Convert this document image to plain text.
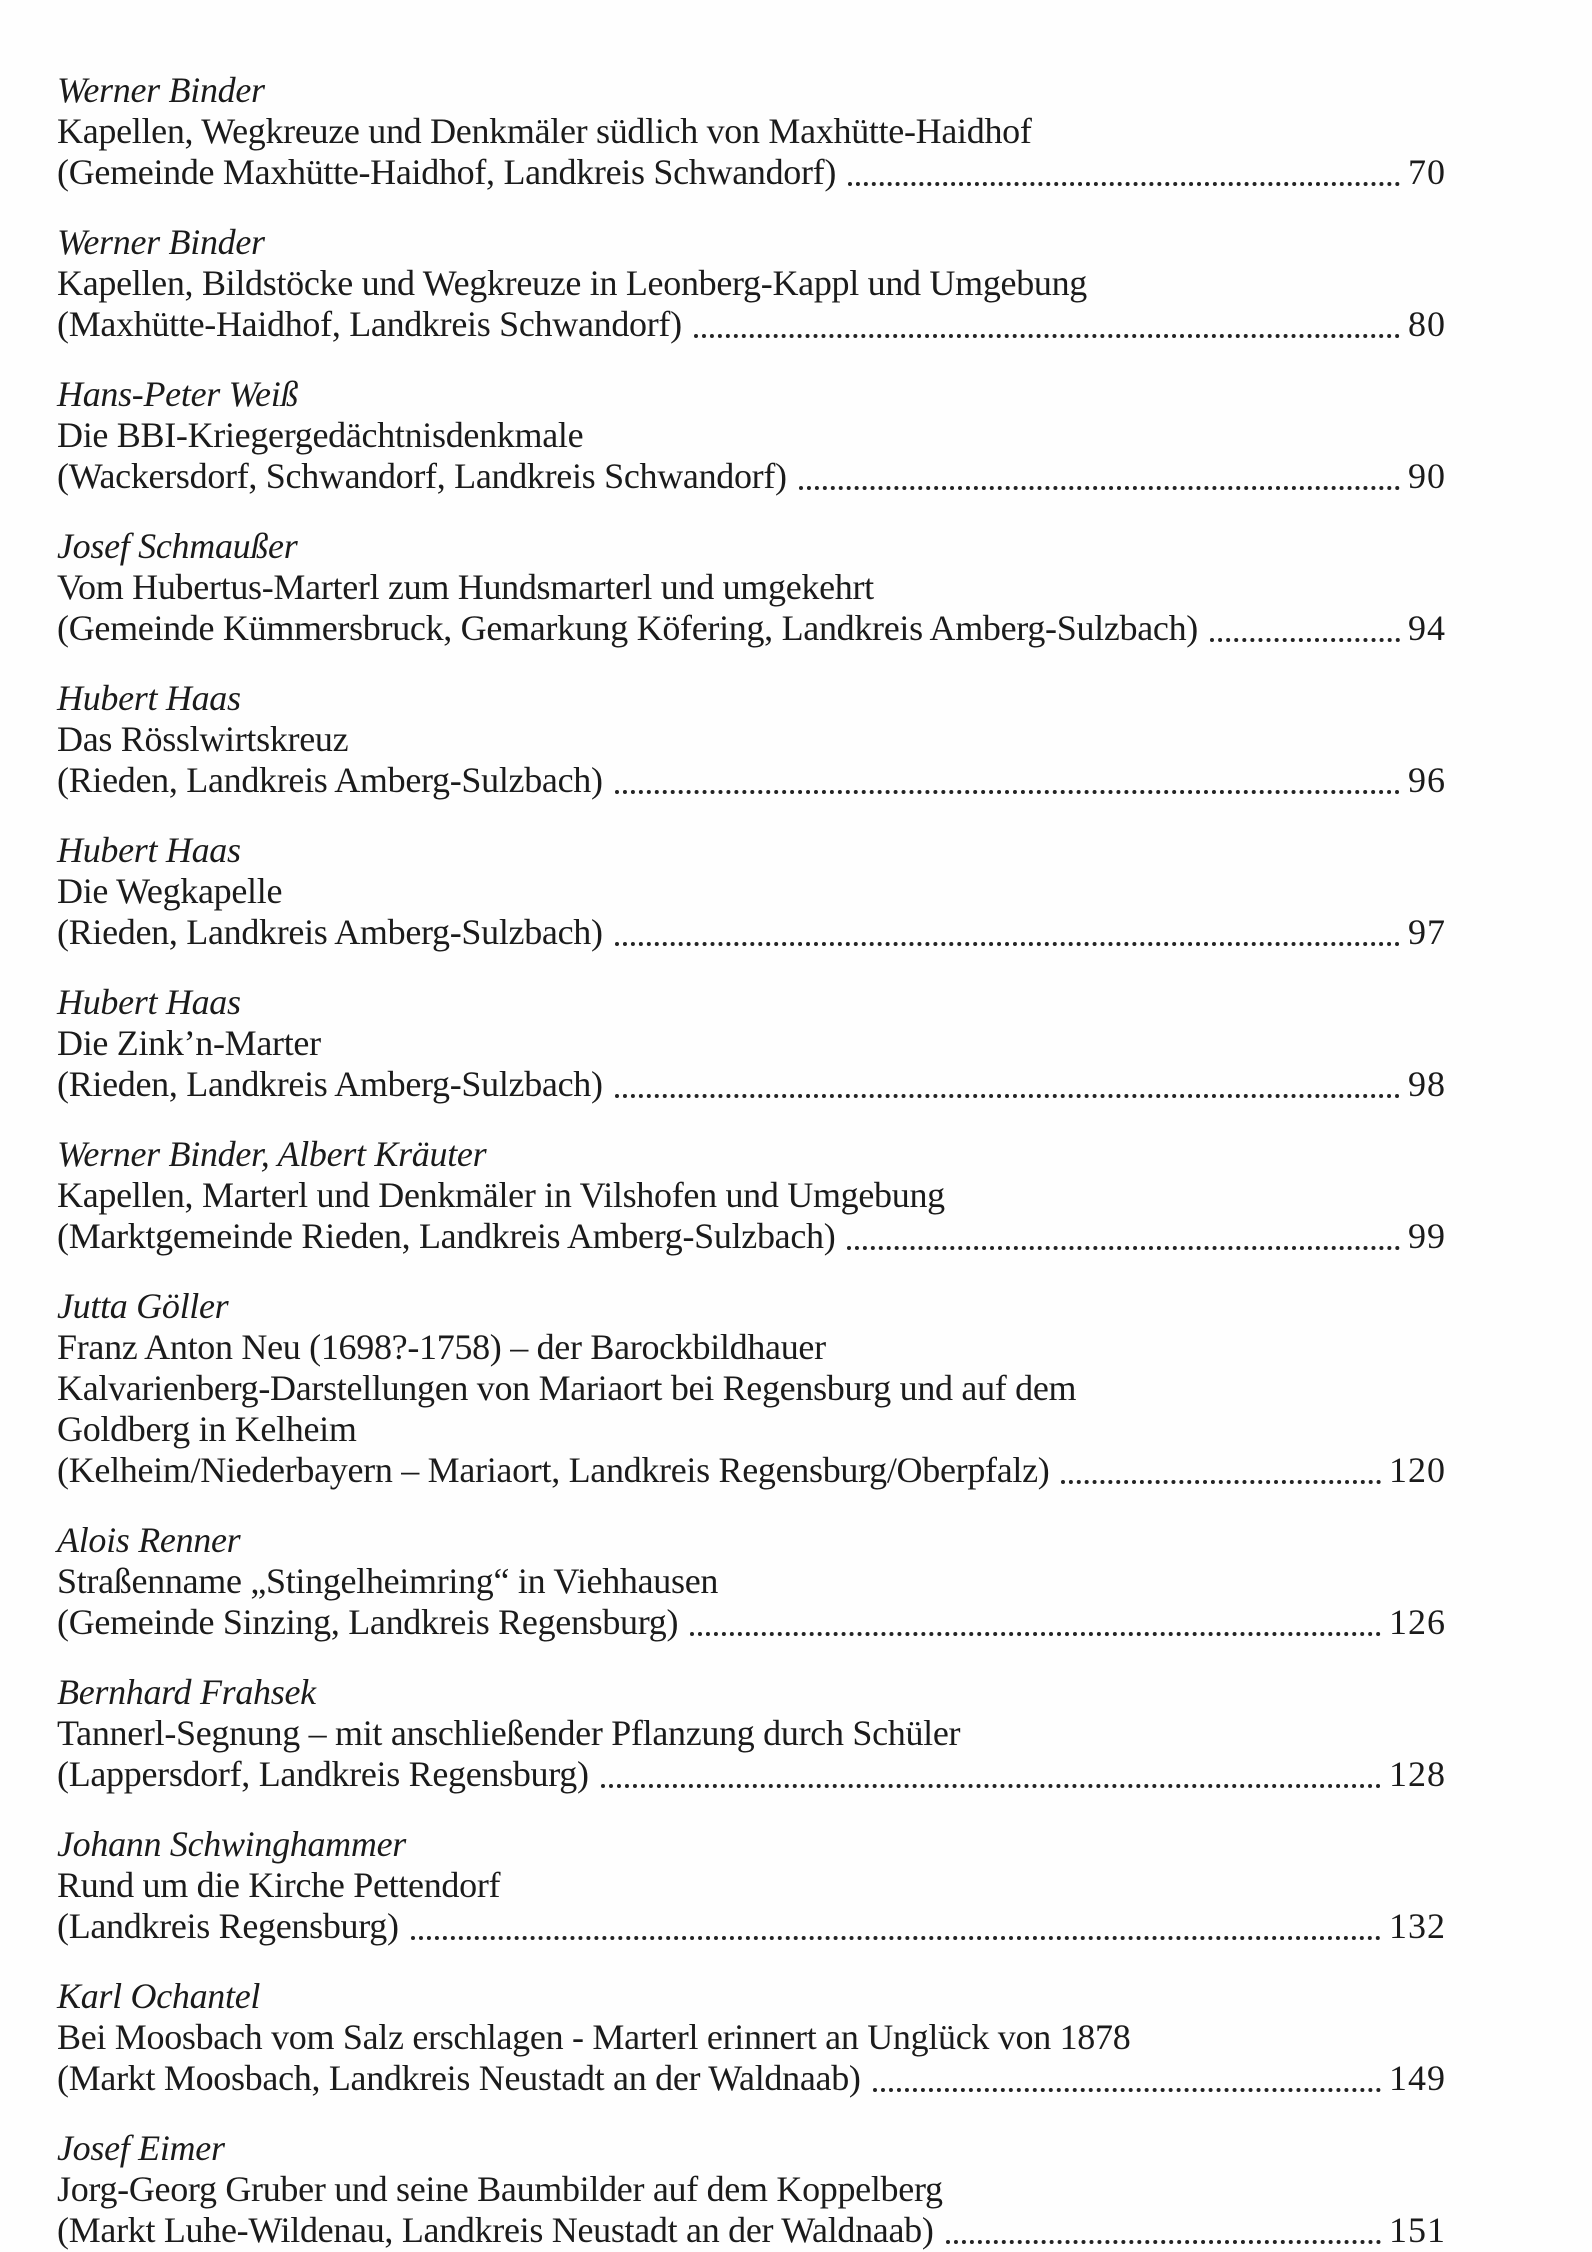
Werner Binder
Kapellen, Wegkreuze und Denkmäler südlich von Maxhütte-Haidhof
(Gemeinde Maxhütte-Haidhof, Landkreis Schwandorf)	70
Werner Binder
Kapellen, Bildstöcke und Wegkreuze in Leonberg-Kappl und Umgebung
(Maxhütte-Haidhof, Landkreis Schwandorf)	80
Hans-Peter Weiß
Die BBI-Kriegergedächtnisdenkmale
(Wackersdorf, Schwandorf, Landkreis Schwandorf)	90
Josef Schmaußer
Vom Hubertus-Marterl zum Hundsmarterl und umgekehrt
(Gemeinde Kümmersbruck, Gemarkung Köfering, Landkreis Amberg-Sulzbach)	94
Hubert Haas
Das Rösslwirtskreuz
(Rieden, Landkreis Amberg-Sulzbach)	96
Hubert Haas
Die Wegkapelle
(Rieden, Landkreis Amberg-Sulzbach)	97
Hubert Haas
Die Zink’n-Marter
(Rieden, Landkreis Amberg-Sulzbach)	98
Werner Binder, Albert Kräuter
Kapellen, Marterl und Denkmäler in Vilshofen und Umgebung
(Marktgemeinde Rieden, Landkreis Amberg-Sulzbach)	99
Jutta Göller
Franz Anton Neu (1698?-1758) – der Barockbildhauer
Kalvarienberg-Darstellungen von Mariaort bei Regensburg und auf dem
Goldberg in Kelheim
(Kelheim/Niederbayern – Mariaort, Landkreis Regensburg/Oberpfalz)	120
Alois Renner
Straßenname „Stingelheimring“ in Viehhausen
(Gemeinde Sinzing, Landkreis Regensburg)	126
Bernhard Frahsek
Tannerl-Segnung – mit anschließender Pflanzung durch Schüler
(Lappersdorf, Landkreis Regensburg)	128
Johann Schwinghammer
Rund um die Kirche Pettendorf
(Landkreis Regensburg)	132
Karl Ochantel
Bei Moosbach vom Salz erschlagen - Marterl erinnert an Unglück von 1878
(Markt Moosbach, Landkreis Neustadt an der Waldnaab)	149
Josef Eimer
Jorg-Georg Gruber und seine Baumbilder auf dem Koppelberg
(Markt Luhe-Wildenau, Landkreis Neustadt an der Waldnaab)	151
